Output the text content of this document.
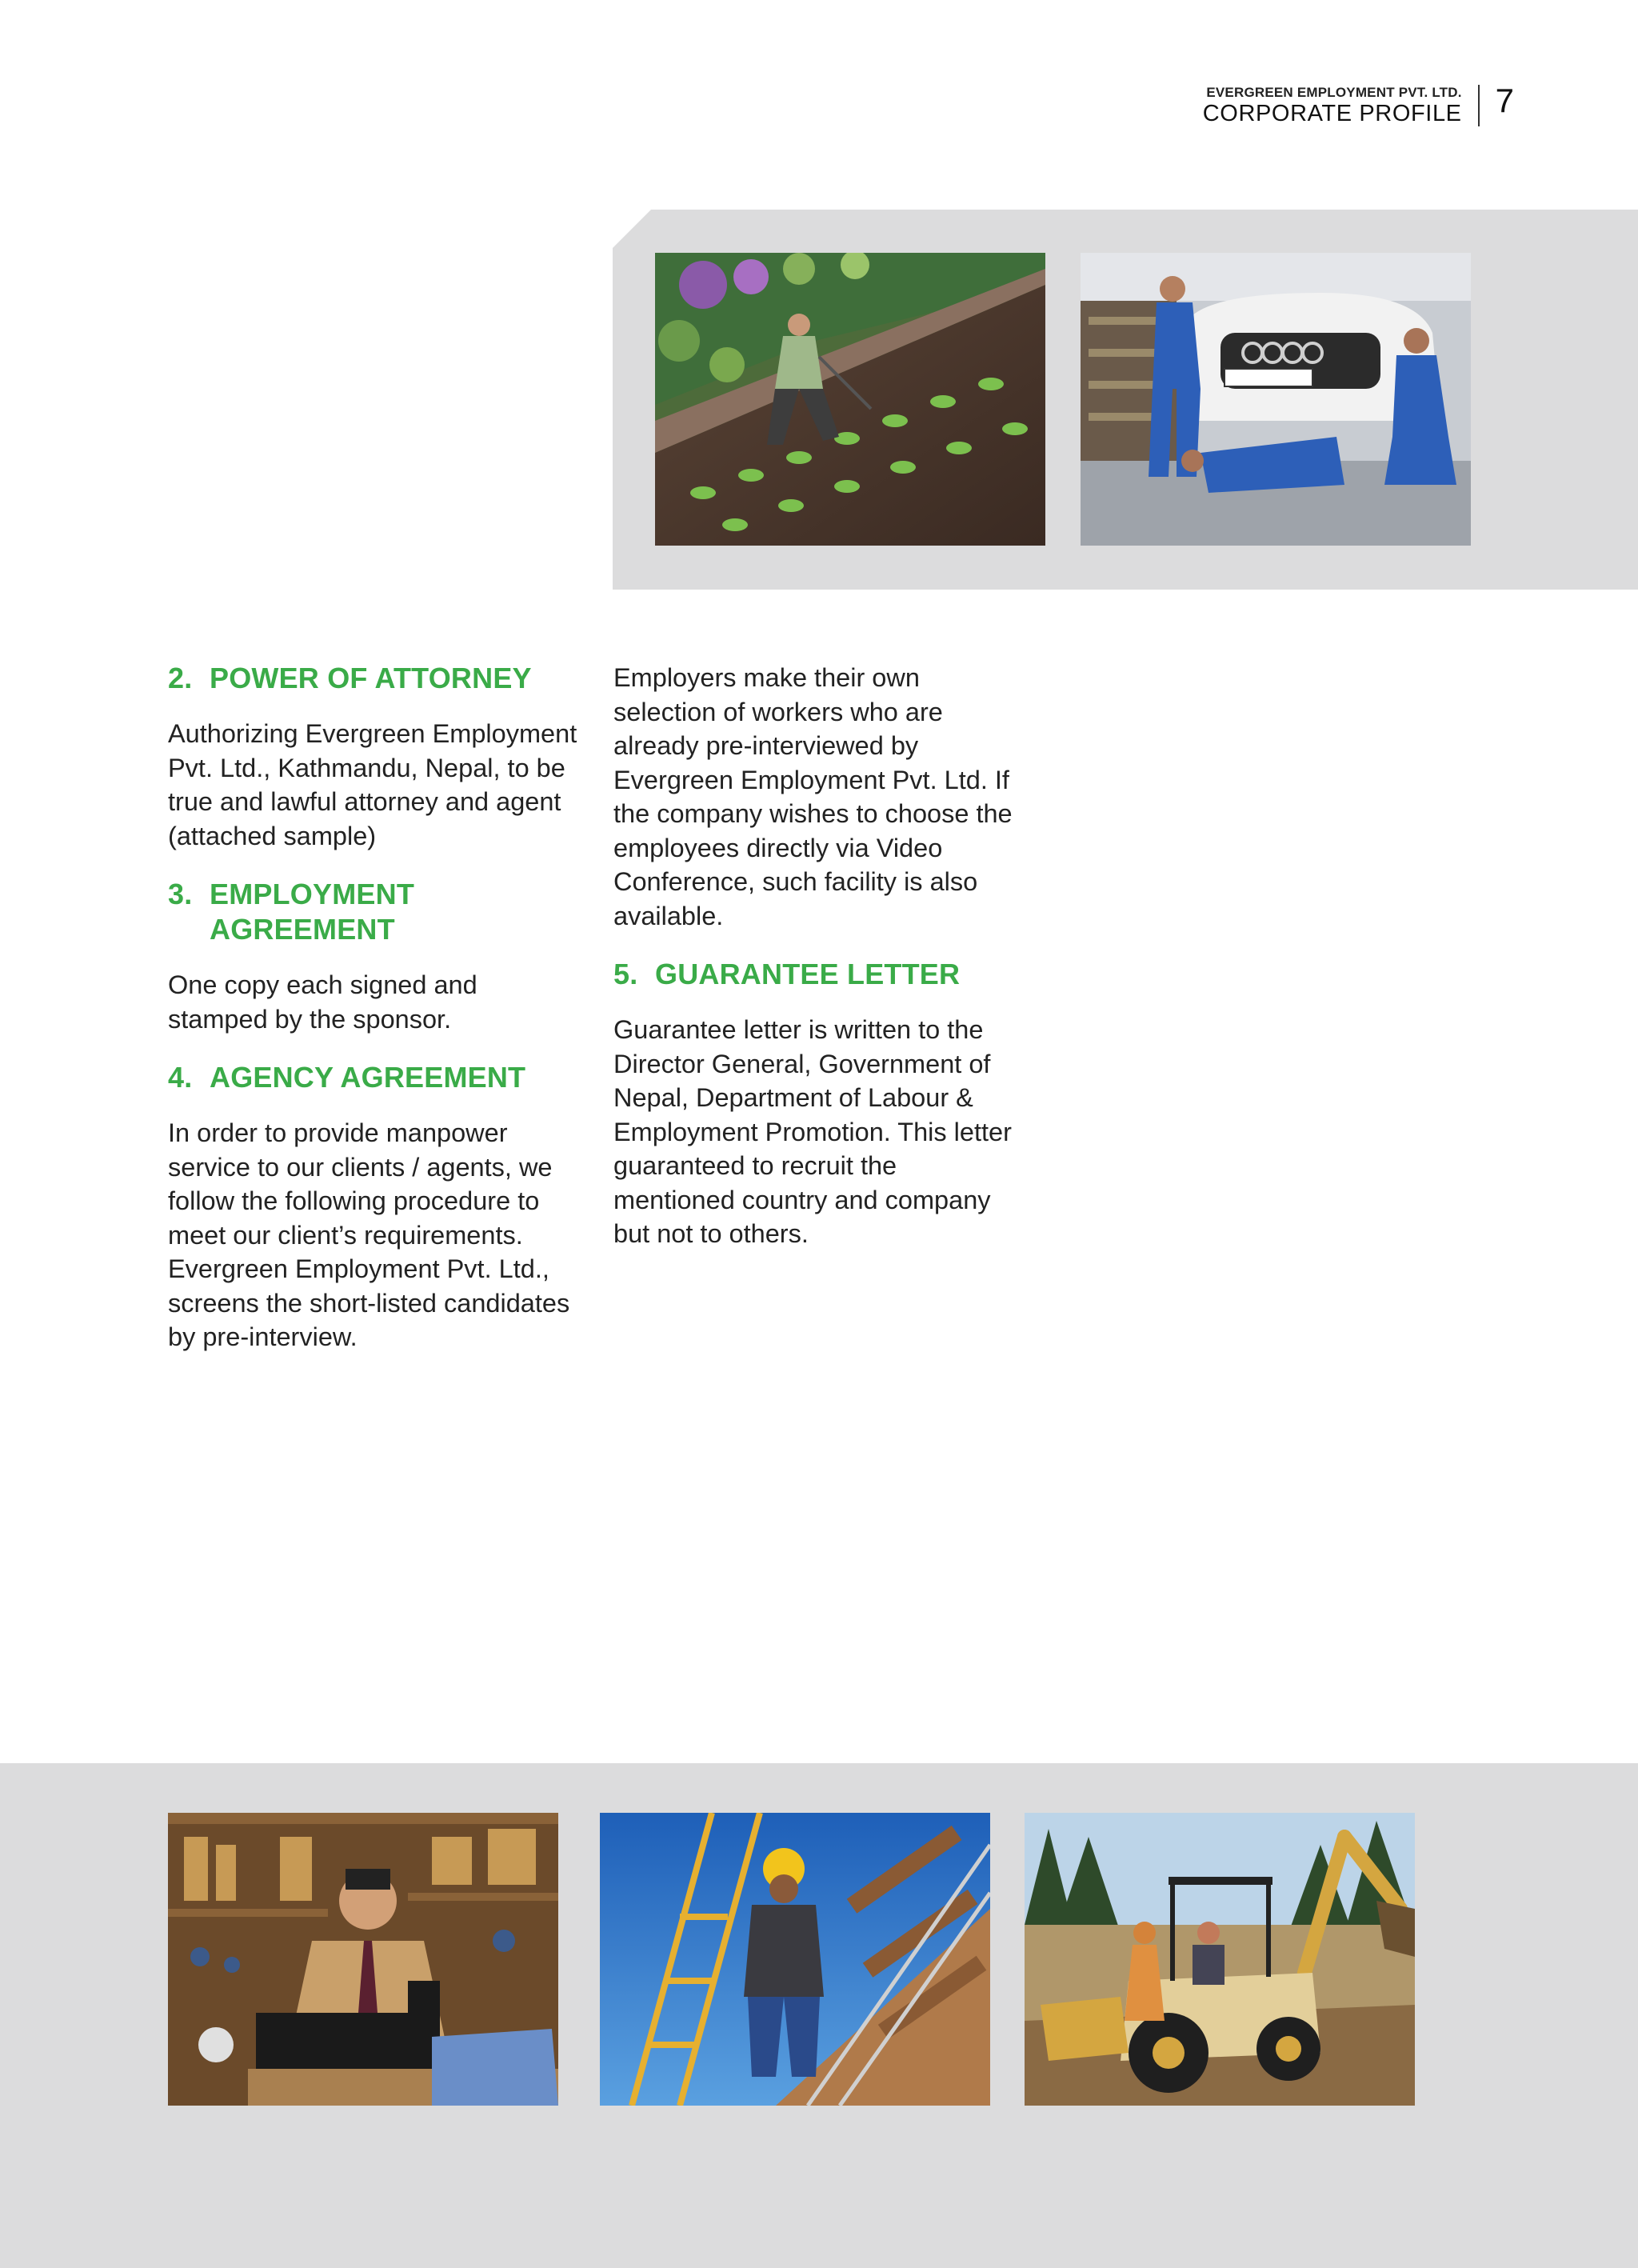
EVERGREEN EMPLOYMENT PVT. LTD.
CORPORATE PROFILE	7
2. POWER OF ATTORNEY

Authorizing Evergreen Employment Pvt. Ltd., Kathmandu, Nepal, to be true and lawful attorney and agent (attached sample)

3. EMPLOYMENT AGREEMENT

One copy each signed and stamped by the sponsor.

4. AGENCY AGREEMENT

In order to provide manpower service to our clients / agents, we follow the following procedure to meet our client’s requirements. Evergreen Employment Pvt. Ltd., screens the short-listed candidates by pre-interview.

Employers make their own selection of workers who are already pre-interviewed by Evergreen Employment Pvt. Ltd. If the company wishes to choose the employees directly via Video Conference, such facility is also available.

5. GUARANTEE LETTER

Guarantee letter is written to the Director General, Government of Nepal, Department of Labour & Employment Promotion. This letter guaranteed to recruit the mentioned country and company but not to others.
